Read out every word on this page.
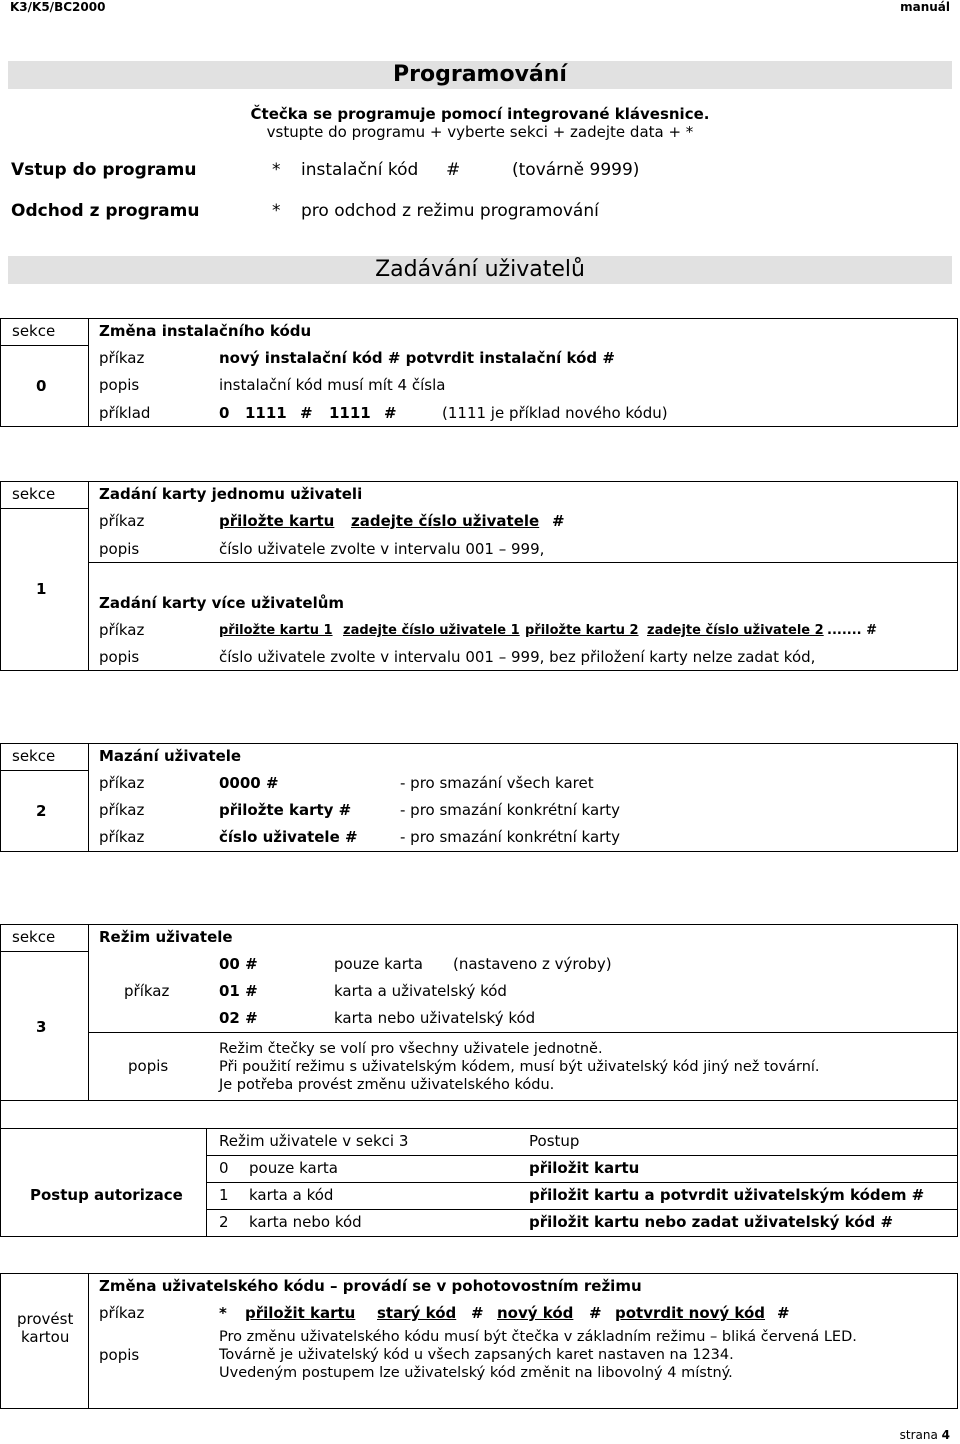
K3/K5/BC2000	manuál
Programování
Čtečka se programuje pomocí integrované klávesnice.
vstupte do programu + vyberte sekci + zadejte data + *
Vstup do programu	* instalační kód #	(továrně 9999)
Odchod z programu	* pro odchod z režimu programování
Zadávání uživatelů
sekce
0
Změna instalačního kódu
příkaz	nový instalační kód # potvrdit instalační kód #
popis	instalační kód musí mít 4 čísla
příklad	0 1111 # 1111 #	(1111 je příklad nového kódu)
sekce
1
Zadání karty jednomu uživateli
příkaz	přiložte kartu zadejte číslo uživatele #
popis	číslo uživatele zvolte v intervalu 001 – 999,
Zadání karty více uživatelům
příkaz	přiložte kartu 1 zadejte číslo uživatele 1 přiložte kartu 2 zadejte číslo uživatele 2 ....... #
popis	číslo uživatele zvolte v intervalu 001 – 999, bez přiložení karty nelze zadat kód,
sekce
2
Mazání uživatele
příkaz	0000 #	- pro smazání všech karet
příkaz	přiložte karty #	- pro smazání konkrétní karty
příkaz	číslo uživatele #	- pro smazání konkrétní karty
sekce
3
Režim uživatele
příkaz
00 #	pouze karta (nastaveno z výroby)
01 #	karta a uživatelský kód
02 #	karta nebo uživatelský kód
popis
Režim čtečky se volí pro všechny uživatele jednotně.
Při použití režimu s uživatelským kódem, musí být uživatelský kód jiný než tovární.
Je potřeba provést změnu uživatelského kódu.
Postup autorizace
Režim uživatele v sekci 3	Postup
0 pouze karta	přiložit kartu
1 karta a kód	přiložit kartu a potvrdit uživatelským kódem #
2 karta nebo kód	přiložit kartu nebo zadat uživatelský kód #
provést
kartou
Změna uživatelského kódu – provádí se v pohotovostním režimu
příkaz	* přiložit kartu starý kód # nový kód # potvrdit nový kód #
popis
Pro změnu uživatelského kódu musí být čtečka v základním režimu – bliká červená LED.
Továrně je uživatelský kód u všech zapsaných karet nastaven na 1234.
Uvedeným postupem lze uživatelský kód změnit na libovolný 4 místný.
strana 4
